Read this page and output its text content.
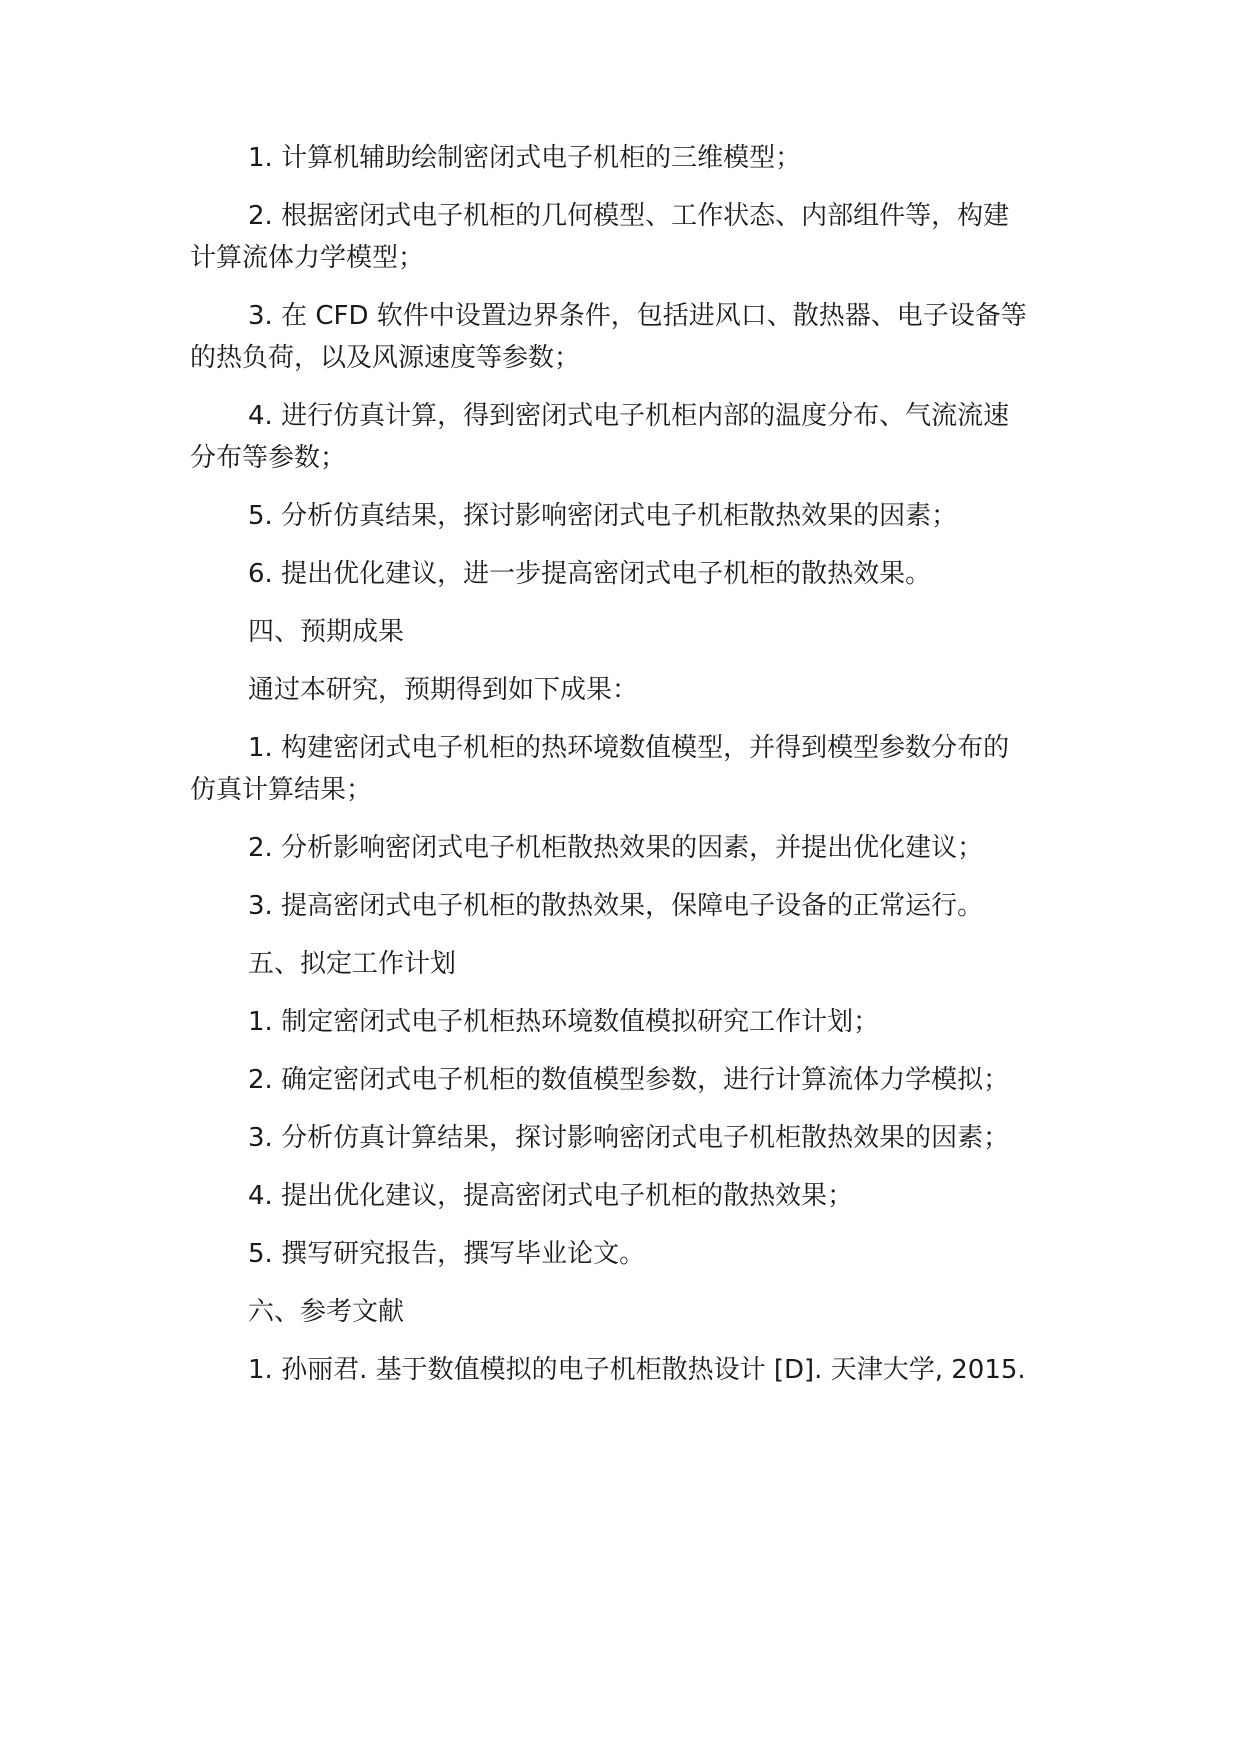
1. 计算机辅助绘制密闭式电子机柜的三维模型；

2. 根据密闭式电子机柜的几何模型、工作状态、内部组件等，构建

计算流体力学模型；

3. 在 CFD 软件中设置边界条件，包括进风口、散热器、电子设备等

的热负荷，以及风源速度等参数；

4. 进行仿真计算，得到密闭式电子机柜内部的温度分布、气流流速

分布等参数；

5. 分析仿真结果，探讨影响密闭式电子机柜散热效果的因素；

6. 提出优化建议，进一步提高密闭式电子机柜的散热效果。

四、预期成果

通过本研究，预期得到如下成果：

1. 构建密闭式电子机柜的热环境数值模型，并得到模型参数分布的

仿真计算结果；

2. 分析影响密闭式电子机柜散热效果的因素，并提出优化建议；

3. 提高密闭式电子机柜的散热效果，保障电子设备的正常运行。

五、拟定工作计划

1. 制定密闭式电子机柜热环境数值模拟研究工作计划；

2. 确定密闭式电子机柜的数值模型参数，进行计算流体力学模拟；

3. 分析仿真计算结果，探讨影响密闭式电子机柜散热效果的因素；

4. 提出优化建议，提高密闭式电子机柜的散热效果；

5. 撰写研究报告，撰写毕业论文。

六、参考文献

1. 孙丽君. 基于数值模拟的电子机柜散热设计 [D]. 天津大学, 2015.
